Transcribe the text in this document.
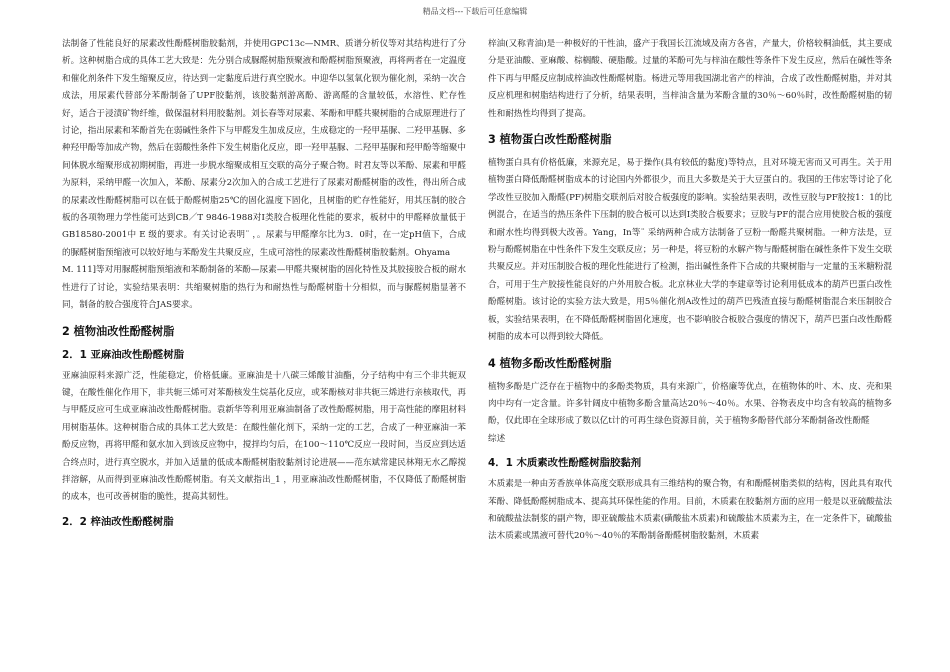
精品文档---下载后可任意编辑

法制备了性能良好的尿素改性酚醛树脂胶黏剂，并使用GPC13c—NMR、质谱分析仪等对其结构进行了分析。这种树脂合成的具体工艺大致是：先分别合成脲醛树脂预聚液和酚醛树脂预聚液，再将两者在一定温度和催化剂条件下发生缩聚反应，待达到一定黏度后进行真空脱水。申迎华以氢氧化钡为催化剂，采纳一次合成法，用尿素代替部分苯酚制备了UPF胶黏剂，该胶黏剂游离酚、游离醛的含量较低，水溶性、贮存性好，适合于浸渍矿物纤维，做保温材料用胶黏剂。刘长春等对尿素、苯酚和甲醛共聚树脂的合成原理进行了讨论，指出尿素和苯酚首先在弱碱性条件下与甲醛发生加成反应，生成稳定的一羟甲基脲、二羟甲基脲、多种羟甲酚等加成产物，然后在弱酸性条件下发生树脂化反应，即一羟甲基脲、二羟甲基脲和羟甲酚等缩聚中间体脱水缩聚形成初期树脂，再进一步脱水缩聚成相互交联的高分子聚合物。时君友等以苯酚、尿素和甲醛为原料，采纳甲醛一次加入，苯酚、尿素分2次加入的合成工艺进行了尿素对酚醛树脂的改性，得出所合成的尿素改性酚醛树脂可以在低于酚醛树脂25℃的固化温度下固化，且树脂的贮存性能好，用其压制的胶合板的各项物理力学性能可达到CB／T 9846-1988对I类胶合板理化性能的要求，板材中的甲醛释放量低于GB18580-2001中 E 级的要求。有关讨论表明¨ ，。尿素与甲醛摩尔比为3．0时，在一定pH值下，合成的脲醛树脂预缩液可以较好地与苯酚发生共聚反应，生成可溶性的尿素改性酚醛树脂胶黏剂。Ohyama

M. 111]等对用脲醛树脂预缩液和苯酚制备的苯酚—尿素—甲醛共聚树脂的固化特性及其胶接胶合板的耐水性进行了讨论，实验结果表明：共缩聚树脂的热行为和耐热性与酚醛树脂十分相似，而与脲醛树脂显著不同，制备的胶合强度符合JAS要求。

2 植物油改性酚醛树脂
2．1 亚麻油改性酚醛树脂

亚麻油原料来源广泛，性能稳定，价格低廉。亚麻油是十八碳三烯酸甘油酯，分子结构中有三个非共轭双键，在酸性催化作用下，非共轭三烯可对苯酚核发生烷基化反应，或苯酚核对非共轭三烯进行亲核取代，再与甲醛反应可生成亚麻油改性酚醛树脂。袁新华等利用亚麻油制备了改性酚醛树脂，用于高性能的摩阻材料用树脂基体。这种树脂合成的具体工艺大致是：在酸性催化剂下，采纳一定的工艺，合成了一种亚麻油一苯酚反应物，再将甲醛和氨水加入到该反应物中，搅拌均匀后，在100～110℃反应一段时间，当反应到达适合终点时，进行真空脱水，并加入适量的低成本酚醛树脂胶黏剂讨论进展——范东斌常建民林翔无水乙醇搅拌溶解，从而得到亚麻油改性酚醛树脂。有关文献指出_1 ，用亚麻油改性酚醛树脂，不仅降低了酚醛树脂的成本，也可改善树脂的脆性，提高其韧性。

2．2 梓油改性酚醛树脂

梓油(又称青油)是一种极好的干性油，盛产于我国长江流域及南方各省，产量大，价格较桐油低，其主要成分是亚油酸、亚麻酸、棕榈酸、硬脂酸。过量的苯酚可先与梓油在酸性等条件下发生反应，然后在碱性等条件下再与甲醛反应制成梓油改性酚醛树脂。杨进元等用我国湖北省产的梓油，合成了改性酚醛树脂，并对其反应机理和树脂结构进行了分析，结果表明，当梓油含量为苯酚含量的30％～60％时，改性酚醛树脂的韧性和耐热性均得到了提高。

3 植物蛋白改性酚醛树脂

植物蛋白具有价格低廉，来源充足，易于操作(具有较低的黏度)等特点，且对环境无害而又可再生。关于用植物蛋白降低酚醛树脂成本的讨论国内外都很少，而且大多数是关于大豆蛋白的。我国的王伟宏等讨论了化学改性豆胶加入酚醛(PF)树脂交联剂后对胶合板强度的影响。实验结果表明，改性豆胶与PF胶按1：1的比例混合，在适当的热压条件下压制的胶合板可以达到I类胶合板要求；豆胶与PF的混合应用使胶合板的强度和耐水性均得到极大改善。Yang，In等¨ 采纳两种合成方法制备了豆粉一酚醛共聚树脂。一种方法是，豆粉与酚醛树脂在中性条件下发生交联反应；另一种是，将豆粉的水解产物与酚醛树脂在碱性条件下发生交联共聚反应。并对压制胶合板的理化性能进行了检测，指出碱性条件下合成的共聚树脂与一定量的玉米糖粉混合，可用于生产胶接性能良好的户外用胶合板。北京林业大学的李建章等讨论利用低成本的葫芦巴蛋白改性酚醛树脂。该讨论的实验方法大致是，用5％催化剂A改性过的葫芦巴残渣直接与酚醛树脂混合来压制胶合板，实验结果表明，在不降低酚醛树脂固化速度，也不影响胶合板胶合强度的情况下，葫芦巴蛋白改性酚醛树脂的成本可以得到较大降低。

4 植物多酚改性酚醛树脂

植物多酚是广泛存在于植物中的多酚类物质，具有来源广，价格廉等优点，在植物体的叶、木、皮、壳和果肉中均有一定含量。许多针阔皮中植物多酚含量高达20％～40％。水果、谷物表皮中均含有较高的植物多酚，仅此即在全球形成了数以亿t计的可再生绿色资源目前，关于植物多酚替代部分苯酚制备改性酚醛

综述

4．1 木质素改性酚醛树脂胶黏剂

木质素是一种由芳香族单体高度交联形成具有三维结构的聚合物，有和酚醛树脂类似的结构，因此具有取代苯酚、降低酚醛树脂成本、提高其环保性能的作用。目前，木质素在胶黏剂方面的应用一般是以亚硫酸盐法和硫酸盐法制浆的副产物，即亚硫酸盐木质素(磺酸盐木质素)和硫酸盐木质素为主，在一定条件下，硫酸盐法木质素或黑液可替代20％～40％的苯酚制备酚醛树脂胶黏剂，木质素
